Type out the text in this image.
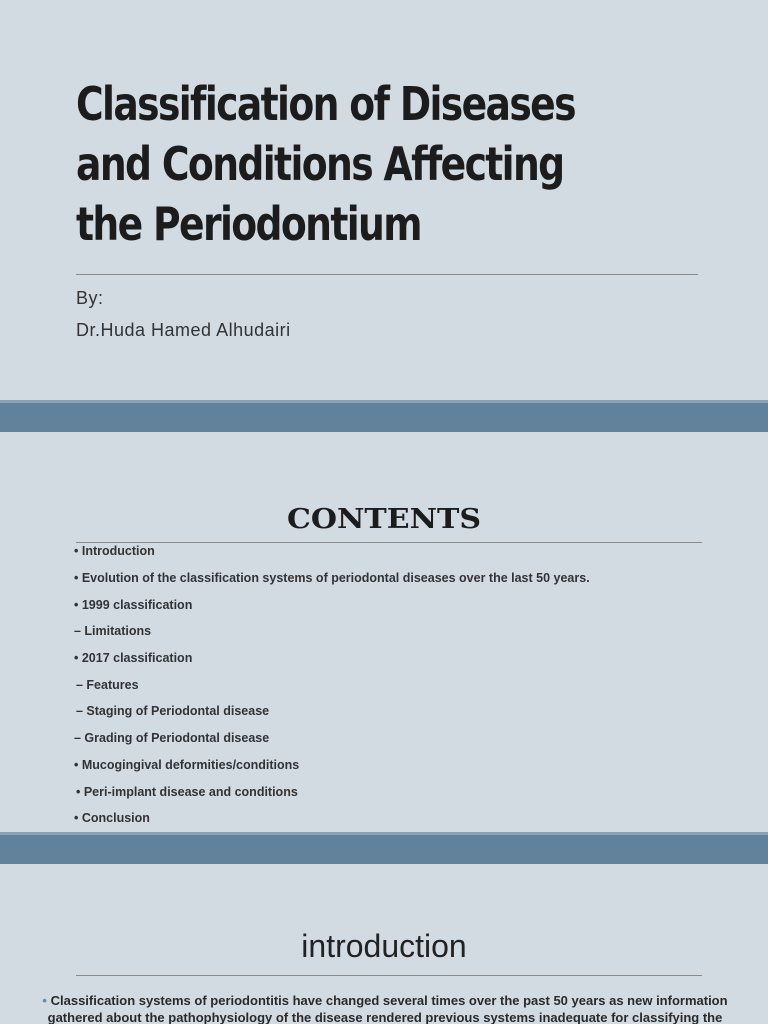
Classification of Diseases
and Conditions Affecting
the Periodontium
By:
Dr.Huda Hamed Alhudairi
CONTENTS
• Introduction
• Evolution of the classification systems of periodontal diseases over the last 50 years.
• 1999 classification
– Limitations
• 2017 classification
– Features
– Staging of Periodontal disease
– Grading of Periodontal disease
• Mucogingival deformities/conditions
• Peri-implant disease and conditions
• Conclusion
introduction
• Classification systems of periodontitis have changed several times over the past 50 years as new information gathered about the pathophysiology of the disease rendered previous systems inadequate for classifying the
